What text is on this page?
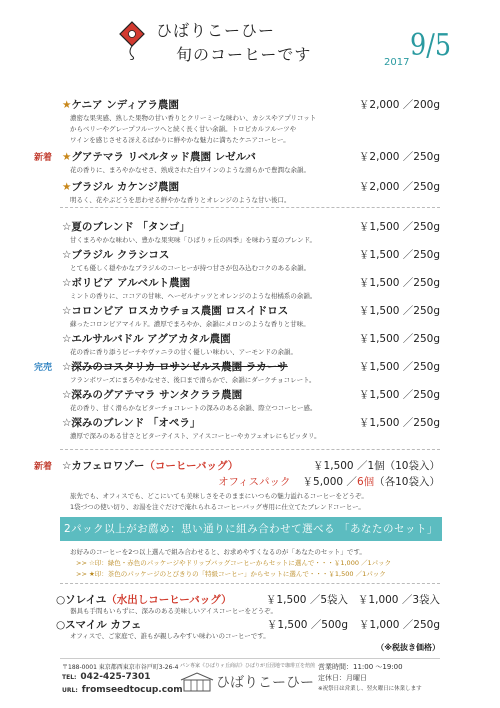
ひばりこーひー
旬のコーヒーです	2017 9/5
★ケニア ンディアラ農園	￥2,000 ／200g
濃密な果実感、熟した果物の甘い香りとクリーミーな味わい、カシスやアプリコット
からベリーやグレープフルーツへと続く長く甘い余韻。トロピカルフルーツや
ワインを感じさせる冴えるばかりに鮮やかな魅力に満ちたケニアコーヒー。
新着 ★グアテマラ リベルタッド農園 レゼルバ	￥2,000 ／250g
花の香りに、まろやかなせさ、熟成された白ワインのような滑らかで豊潤な余韻。
★ブラジル カケンジ農園	￥2,000 ／250g
明るく、花やぶどうを思わせる鮮やかな香りとオレンジのような甘い後口。
☆夏のブレンド 「タンゴ」	￥1,500 ／250g
甘くまろやかな味わい、豊かな果実味「ひばりヶ丘の四季」を味わう夏のブレンド。
☆ブラジル クラシコス	￥1,500 ／250g
とても優しく穏やかなブラジルのコーヒーが持つ甘さが包み込むコクのある余韻。
☆ボリビア アルベルト農園	￥1,500 ／250g
ミントの香りに、ココアの甘味、ヘーゼルナッツとオレンジのような柑橘系の余韻。
☆コロンビア ロスカウチョス農園 ロスイドロス	￥1,500 ／250g
蘇ったコロンビアマイルド。濃厚でまろやか、余韻にメロンのような香りと甘味。
☆エルサルバドル アグアカタル農園	￥1,500 ／250g
花の香に香り添うピーチやヴァニラの甘く優しい味わい、アーモンドの余韻。
完売 ☆深みのコスタリカ ロサンゼルス農園 ラカーサ	￥1,500 ／250g
フランボワーズにまろやかなせさ、後口まで滑らかで、余韻にダークチョコレート。
☆深みのグアテマラ サンタクララ農園	￥1,500 ／250g
花の香り、甘く滑らかなビターチョコレートの深みのある余韻、際立つコーヒー感。
☆深みのブレンド 「オペラ」	￥1,500 ／250g
濃厚で深みのある甘さとビターテイスト、アイスコーヒーやカフェオレにもピッタリ。
新着 ☆カフェロワゾー（コーヒーバッグ）	￥1,500 ／1個（10袋入）
オフィスパック ￥5,000 ／6個（各10袋入）
旅先でも、オフィスでも、どこにいても美味しさをそのままにいつもの魅力溢れるコーヒーをどうぞ。
1袋づつの使い切り、お湯を注ぐだけで淹れられるコーヒーバッグ専用に仕立てたブレンドコーヒー。
2パック以上がお薦め：思い通りに組み合わせて選べる 「あなたのセット」
お好みのコーヒーを2つ以上選んで組み合わせると、お求めやすくなるのが「あなたのセット」です。
>> ☆印：緑色・赤色のパッケージやドリップバッグコーヒーからセットに選んで・・・￥1,000 ／1パック
>> ★印：茶色のパッケージのとびきりの「特級コーヒー」からセットに選んで・・・￥1,500 ／1パック
○ソレイユ（水出しコーヒーバッグ）	￥1,500 ／5袋入 ￥1,000 ／3袋入
器具も手間もいらずに、深みのある美味しいアイスコーヒーをどうぞ。
○スマイル カフェ	￥1,500 ／500g ￥1,000 ／250g
オフィスで、ご家庭で、誰もが親しみやすい味わいのコーヒーです。
（※税抜き価格）
〒188-0001 東京都西東京市谷戸町3-26-4
TEL: 042-425-7301
URL: fromseedtocup.com
パン専家《ひばりヶ丘商店》ひばりが丘団地で珈琲豆を焙煎
ひばりこーひー
営業時間：11:00 〜19:00
定休日：月曜日
※祝祭日は営業し、翌火曜日に休業します
